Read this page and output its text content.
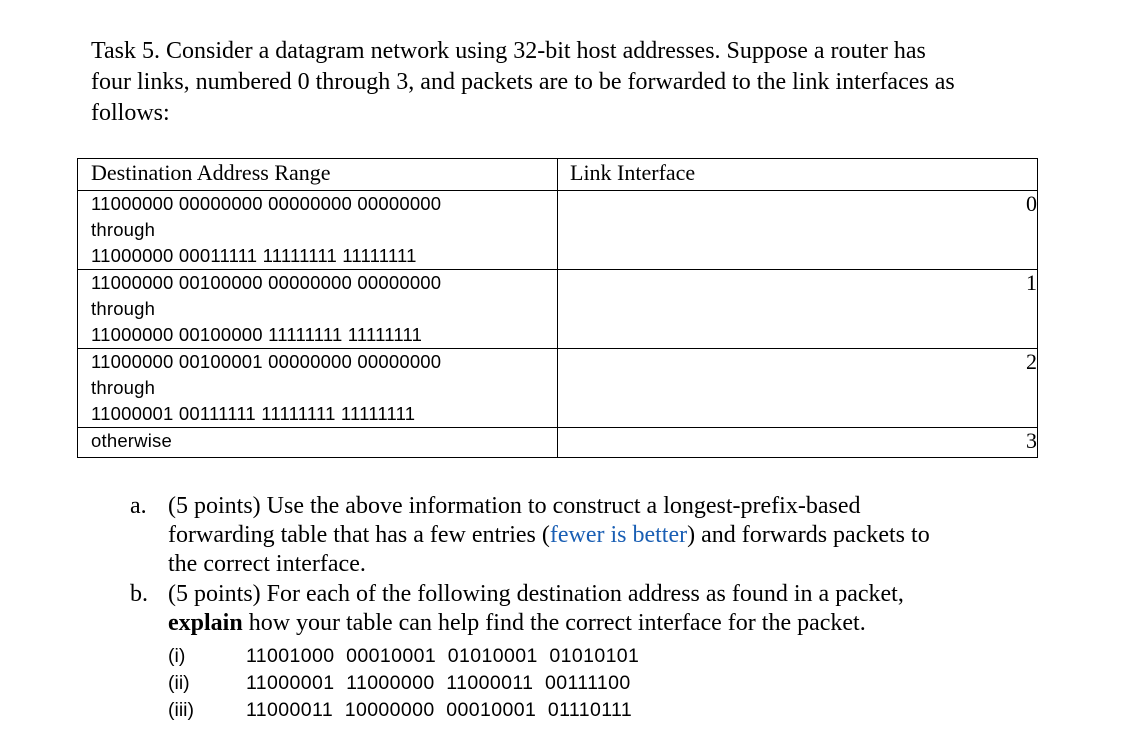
Task 5. Consider a datagram network using 32-bit host addresses. Suppose a router has
four links, numbered 0 through 3, and packets are to be forwarded to the link interfaces as
follows:
Destination Address Range	Link Interface

11000000 00000000 00000000 00000000
through
11000000 00011111 11111111 11111111	0

11000000 00100000 00000000 00000000
through
11000000 00100000 11111111 11111111	1

11000000 00100001 00000000 00000000
through
11000001 00111111 11111111 11111111	2

otherwise	3
a. (5 points) Use the above information to construct a longest-prefix-based
forwarding table that has a few entries (fewer is better) and forwards packets to
the correct interface.
b. (5 points) For each of the following destination address as found in a packet,
explain how your table can help find the correct interface for the packet.
(i)	11001000  00010001  01010001  01010101
(ii)	11000001  11000000  11000011  00111100
(iii)	11000011  10000000  00010001  01110111
